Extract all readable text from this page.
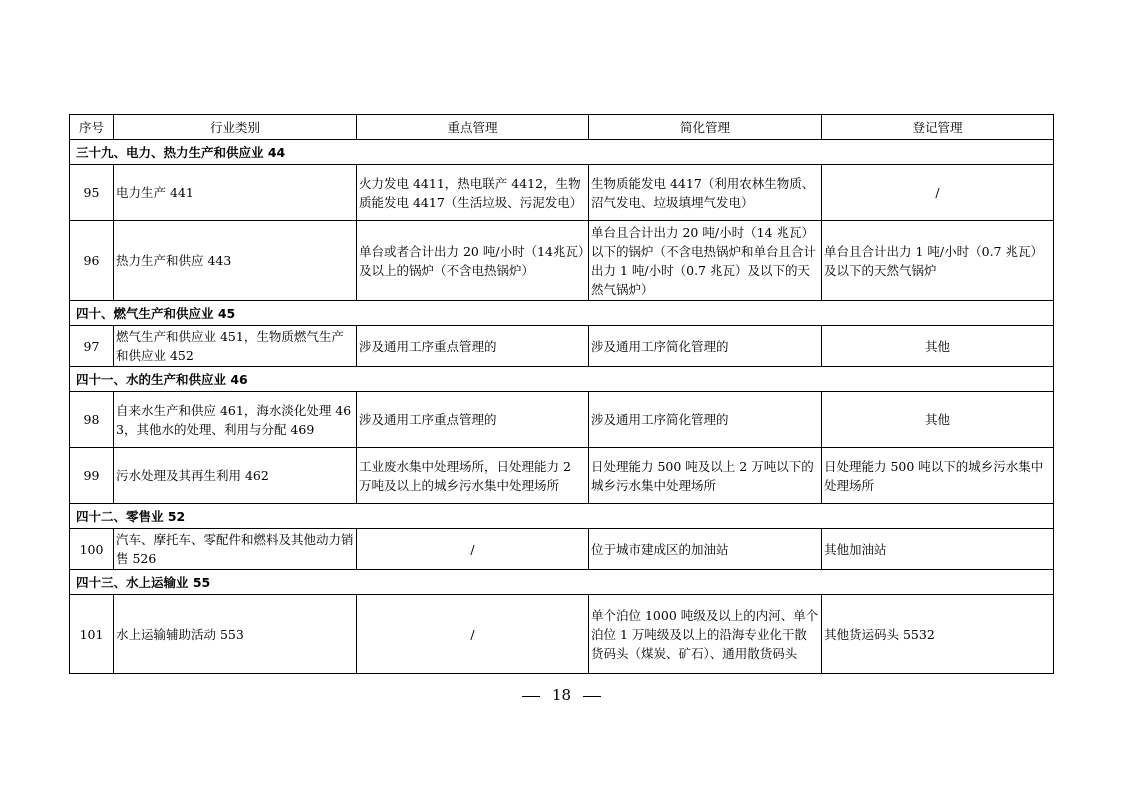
序号	行业类别	重点管理	简化管理	登记管理
三十九、电力、热力生产和供应业 44				
95	电力生产 441	火力发电 4411，热电联产 4412，生物质能发电 4417（生活垃圾、污泥发电）	生物质能发电 4417（利用农林生物质、沼气发电、垃圾填埋气发电）	/
96	热力生产和供应 443	单台或者合计出力 20 吨/小时（14兆瓦）及以上的锅炉（不含电热锅炉）	单台且合计出力 20 吨/小时（14 兆瓦）以下的锅炉（不含电热锅炉和单台且合计出力 1 吨/小时（0.7 兆瓦）及以下的天然气锅炉）	单台且合计出力 1 吨/小时（0.7 兆瓦）及以下的天然气锅炉
四十、燃气生产和供应业 45				
97	燃气生产和供应业 451，生物质燃气生产和供应业 452	涉及通用工序重点管理的	涉及通用工序简化管理的	其他
四十一、水的生产和供应业 46				
98	自来水生产和供应 461，海水淡化处理 463，其他水的处理、利用与分配 469	涉及通用工序重点管理的	涉及通用工序简化管理的	其他
99	污水处理及其再生利用 462	工业废水集中处理场所，日处理能力 2 万吨及以上的城乡污水集中处理场所	日处理能力 500 吨及以上 2 万吨以下的城乡污水集中处理场所	日处理能力 500 吨以下的城乡污水集中处理场所
四十二、零售业 52				
100	汽车、摩托车、零配件和燃料及其他动力销售 526	/	位于城市建成区的加油站	其他加油站
四十三、水上运输业 55				
101	水上运输辅助活动 553	/	单个泊位 1000 吨级及以上的内河、单个泊位 1 万吨级及以上的沿海专业化干散货码头（煤炭、矿石）、通用散货码头	其他货运码头 5532
18
